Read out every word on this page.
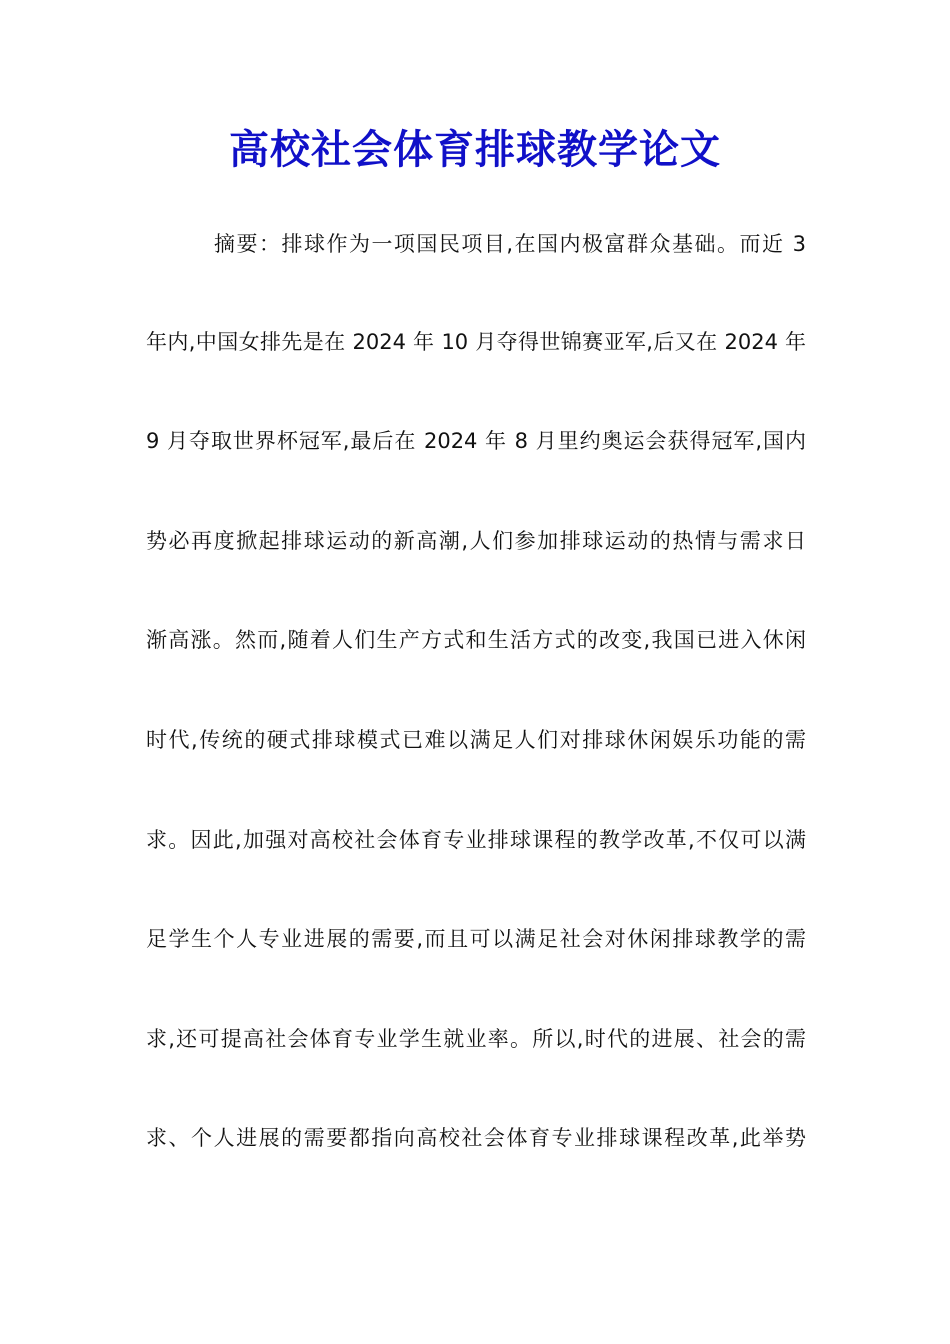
高校社会体育排球教学论文
摘要：排球作为一项国民项目,在国内极富群众基础。而近 3
年内,中国女排先是在 2024 年 10 月夺得世锦赛亚军,后又在 2024 年
9 月夺取世界杯冠军,最后在 2024 年 8 月里约奥运会获得冠军,国内
势必再度掀起排球运动的新高潮,人们参加排球运动的热情与需求日
渐高涨。然而,随着人们生产方式和生活方式的改变,我国已进入休闲
时代,传统的硬式排球模式已难以满足人们对排球休闲娱乐功能的需
求。因此,加强对高校社会体育专业排球课程的教学改革,不仅可以满
足学生个人专业进展的需要,而且可以满足社会对休闲排球教学的需
求,还可提高社会体育专业学生就业率。所以,时代的进展、社会的需
求、个人进展的需要都指向高校社会体育专业排球课程改革,此举势
